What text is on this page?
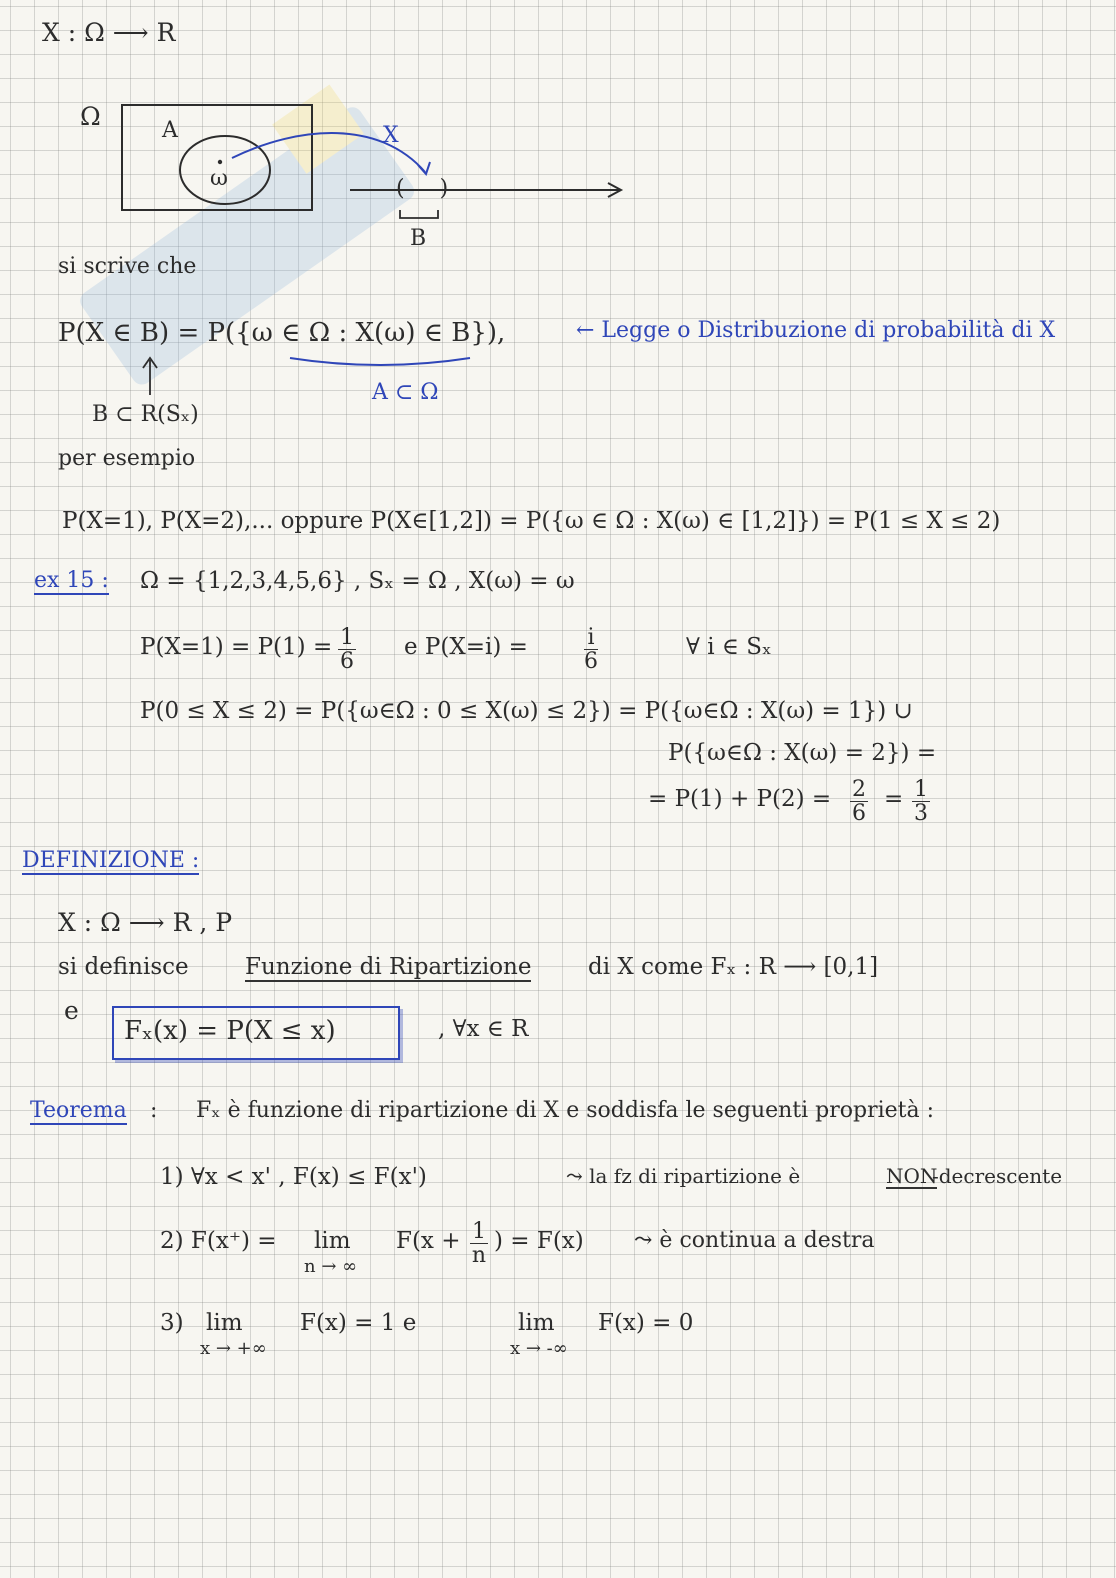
X : Ω ⟶ R
Ω	A
ω
X
( )
B
si scrive che
P(X ∈ B) = P({ω ∈ Ω : X(ω) ∈ B}),	← Legge o Distribuzione di probabilità di X
A ⊂ Ω
B ⊂ R(Sₓ)
per esempio
P(X=1), P(X=2),... oppure P(X∈[1,2]) = P({ω ∈ Ω : X(ω) ∈ [1,2]}) = P(1 ≤ X ≤ 2)
ex 15 : Ω = {1,2,3,4,5,6} , Sₓ = Ω , X(ω) = ω
$P(X=1) = P(1) = \frac{1}{6}$ e P(X=i) =	$\frac{i}{6}$	∀ i ∈ Sₓ
P(0 ≤ X ≤ 2) = P({ω∈Ω : 0 ≤ X(ω) ≤ 2}) = P({ω∈Ω : X(ω) = 1}) ∪
P({ω∈Ω : X(ω) = 2}) =
= $P(1) + P(2) = \frac{2}{6} = \frac{1}{3}$
DEFINIZIONE :
X : Ω ⟶ R , P
si definisce Funzione di Ripartizione di X come Fₓ : R ⟶ [0,1]
e
Fₓ(x) = P(X ≤ x)	, ∀x ∈ R
Teorema : Fₓ è funzione di ripartizione di X e soddisfa le seguenti proprietà :
1) ∀x < x' , F(x) ≤ F(x')	⤳ la fz di ripartizione è	NON
-decrescente
2) F(x⁺) = lim
n → ∞
$F(x + \frac{1}{n}$ ) = F(x) ⤳ è continua a destra
3) lim
x → +∞
F(x) = 1 e	lim
x → -∞
F(x) = 0
